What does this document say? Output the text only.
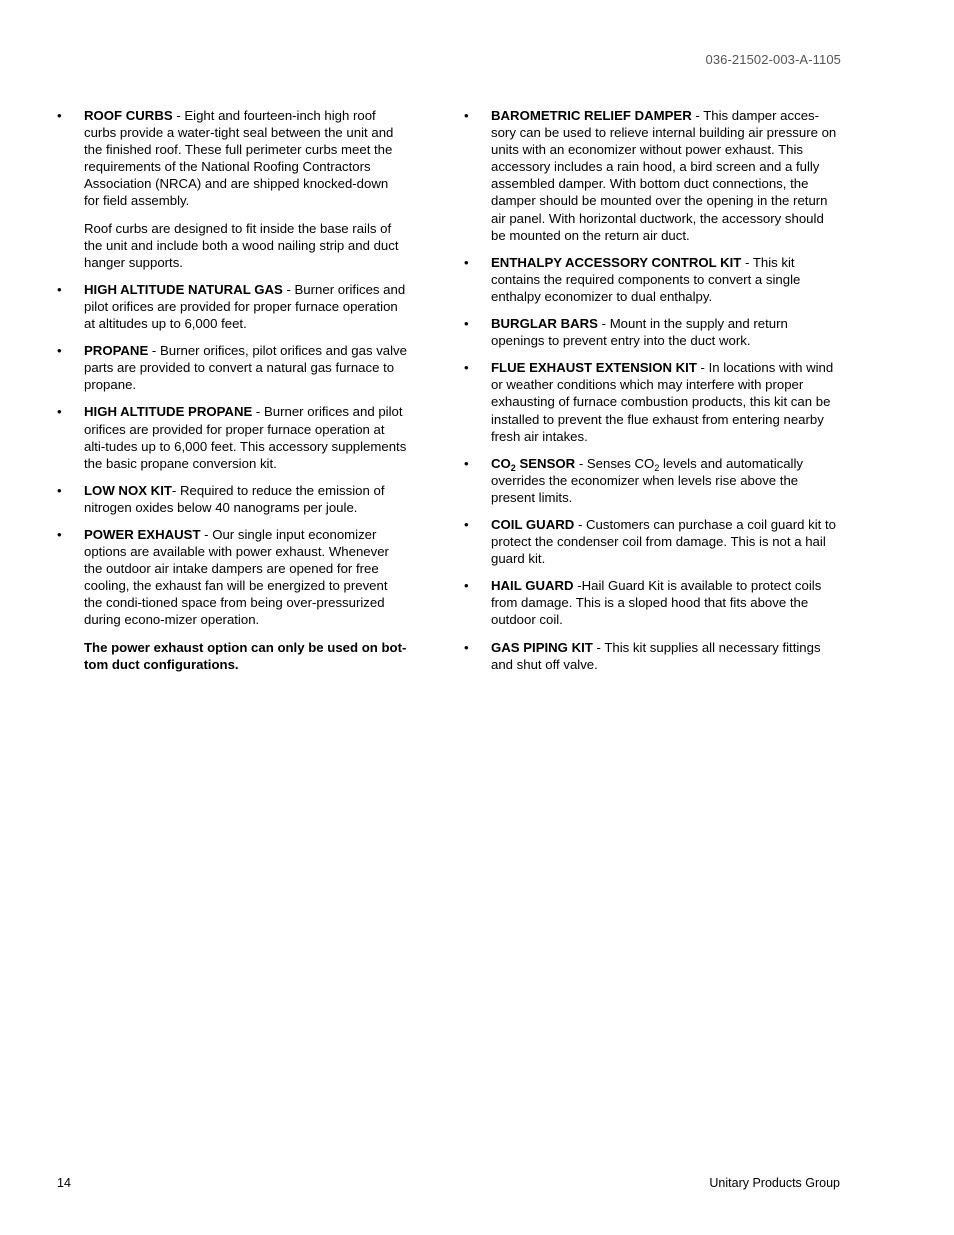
036-21502-003-A-1105
• ROOF CURBS - Eight and fourteen-inch high roof curbs provide a water-tight seal between the unit and the finished roof. These full perimeter curbs meet the requirements of the National Roofing Contractors Association (NRCA) and are shipped knocked-down for field assembly.

Roof curbs are designed to fit inside the base rails of the unit and include both a wood nailing strip and duct hanger supports.

• HIGH ALTITUDE NATURAL GAS - Burner orifices and pilot orifices are provided for proper furnace operation at altitudes up to 6,000 feet.

• PROPANE - Burner orifices, pilot orifices and gas valve parts are provided to convert a natural gas furnace to propane.

• HIGH ALTITUDE PROPANE - Burner orifices and pilot orifices are provided for proper furnace operation at alti-tudes up to 6,000 feet. This accessory supplements the basic propane conversion kit.

• LOW NOX KIT- Required to reduce the emission of nitrogen oxides below 40 nanograms per joule.

• POWER EXHAUST - Our single input economizer options are available with power exhaust. Whenever the outdoor air intake dampers are opened for free cooling, the exhaust fan will be energized to prevent the condi-tioned space from being over-pressurized during econo-mizer operation.

The power exhaust option can only be used on bot-tom duct configurations.

• BAROMETRIC RELIEF DAMPER - This damper acces-sory can be used to relieve internal building air pressure on units with an economizer without power exhaust. This accessory includes a rain hood, a bird screen and a fully assembled damper. With bottom duct connections, the damper should be mounted over the opening in the return air panel. With horizontal ductwork, the accessory should be mounted on the return air duct.

• ENTHALPY ACCESSORY CONTROL KIT - This kit contains the required components to convert a single enthalpy economizer to dual enthalpy.

• BURGLAR BARS - Mount in the supply and return openings to prevent entry into the duct work.

• FLUE EXHAUST EXTENSION KIT - In locations with wind or weather conditions which may interfere with proper exhausting of furnace combustion products, this kit can be installed to prevent the flue exhaust from entering nearby fresh air intakes.

• $CO_2$ SENSOR - Senses $CO_2$ levels and automatically overrides the economizer when levels rise above the present limits.

• COIL GUARD - Customers can purchase a coil guard kit to protect the condenser coil from damage. This is not a hail guard kit.

• HAIL GUARD -Hail Guard Kit is available to protect coils from damage. This is a sloped hood that fits above the outdoor coil.

• GAS PIPING KIT - This kit supplies all necessary fittings and shut off valve.

14	Unitary Products Group
